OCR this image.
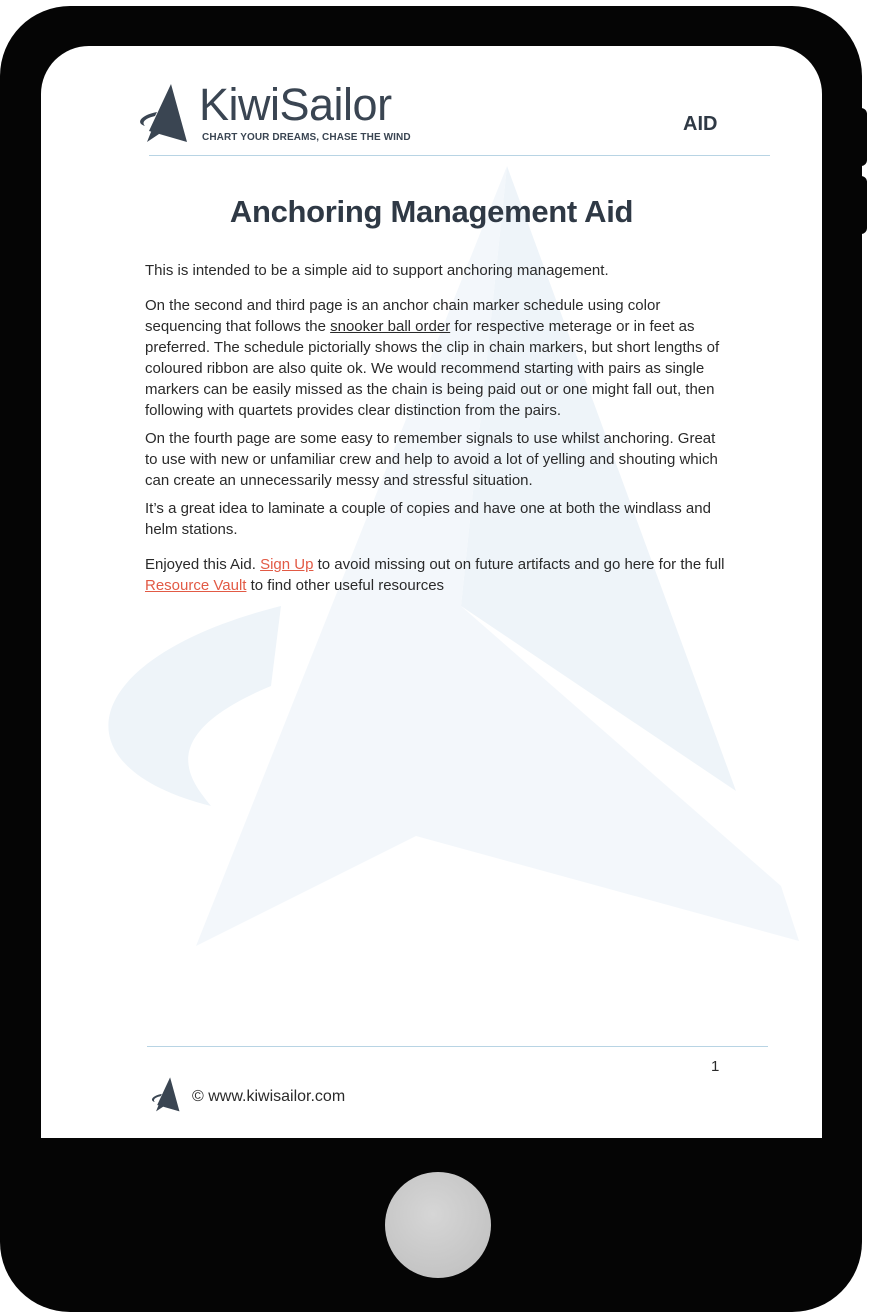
KiwiSailor
CHART YOUR DREAMS, CHASE THE WIND
AID
Anchoring Management Aid

This is intended to be a simple aid to support anchoring management.

On the second and third page is an anchor chain marker schedule using color sequencing that follows the snooker ball order for respective meterage or in feet as preferred. The schedule pictorially shows the clip in chain markers, but short lengths of coloured ribbon are also quite ok. We would recommend starting with pairs as single markers can be easily missed as the chain is being paid out or one might fall out, then following with quartets provides clear distinction from the pairs.

On the fourth page are some easy to remember signals to use whilst anchoring. Great to use with new or unfamiliar crew and help to avoid a lot of yelling and shouting which can create an unnecessarily messy and stressful situation.

It’s a great idea to laminate a couple of copies and have one at both the windlass and helm stations.

Enjoyed this Aid. Sign Up to avoid missing out on future artifacts and go here for the full Resource Vault to find other useful resources

1
© www.kiwisailor.com
